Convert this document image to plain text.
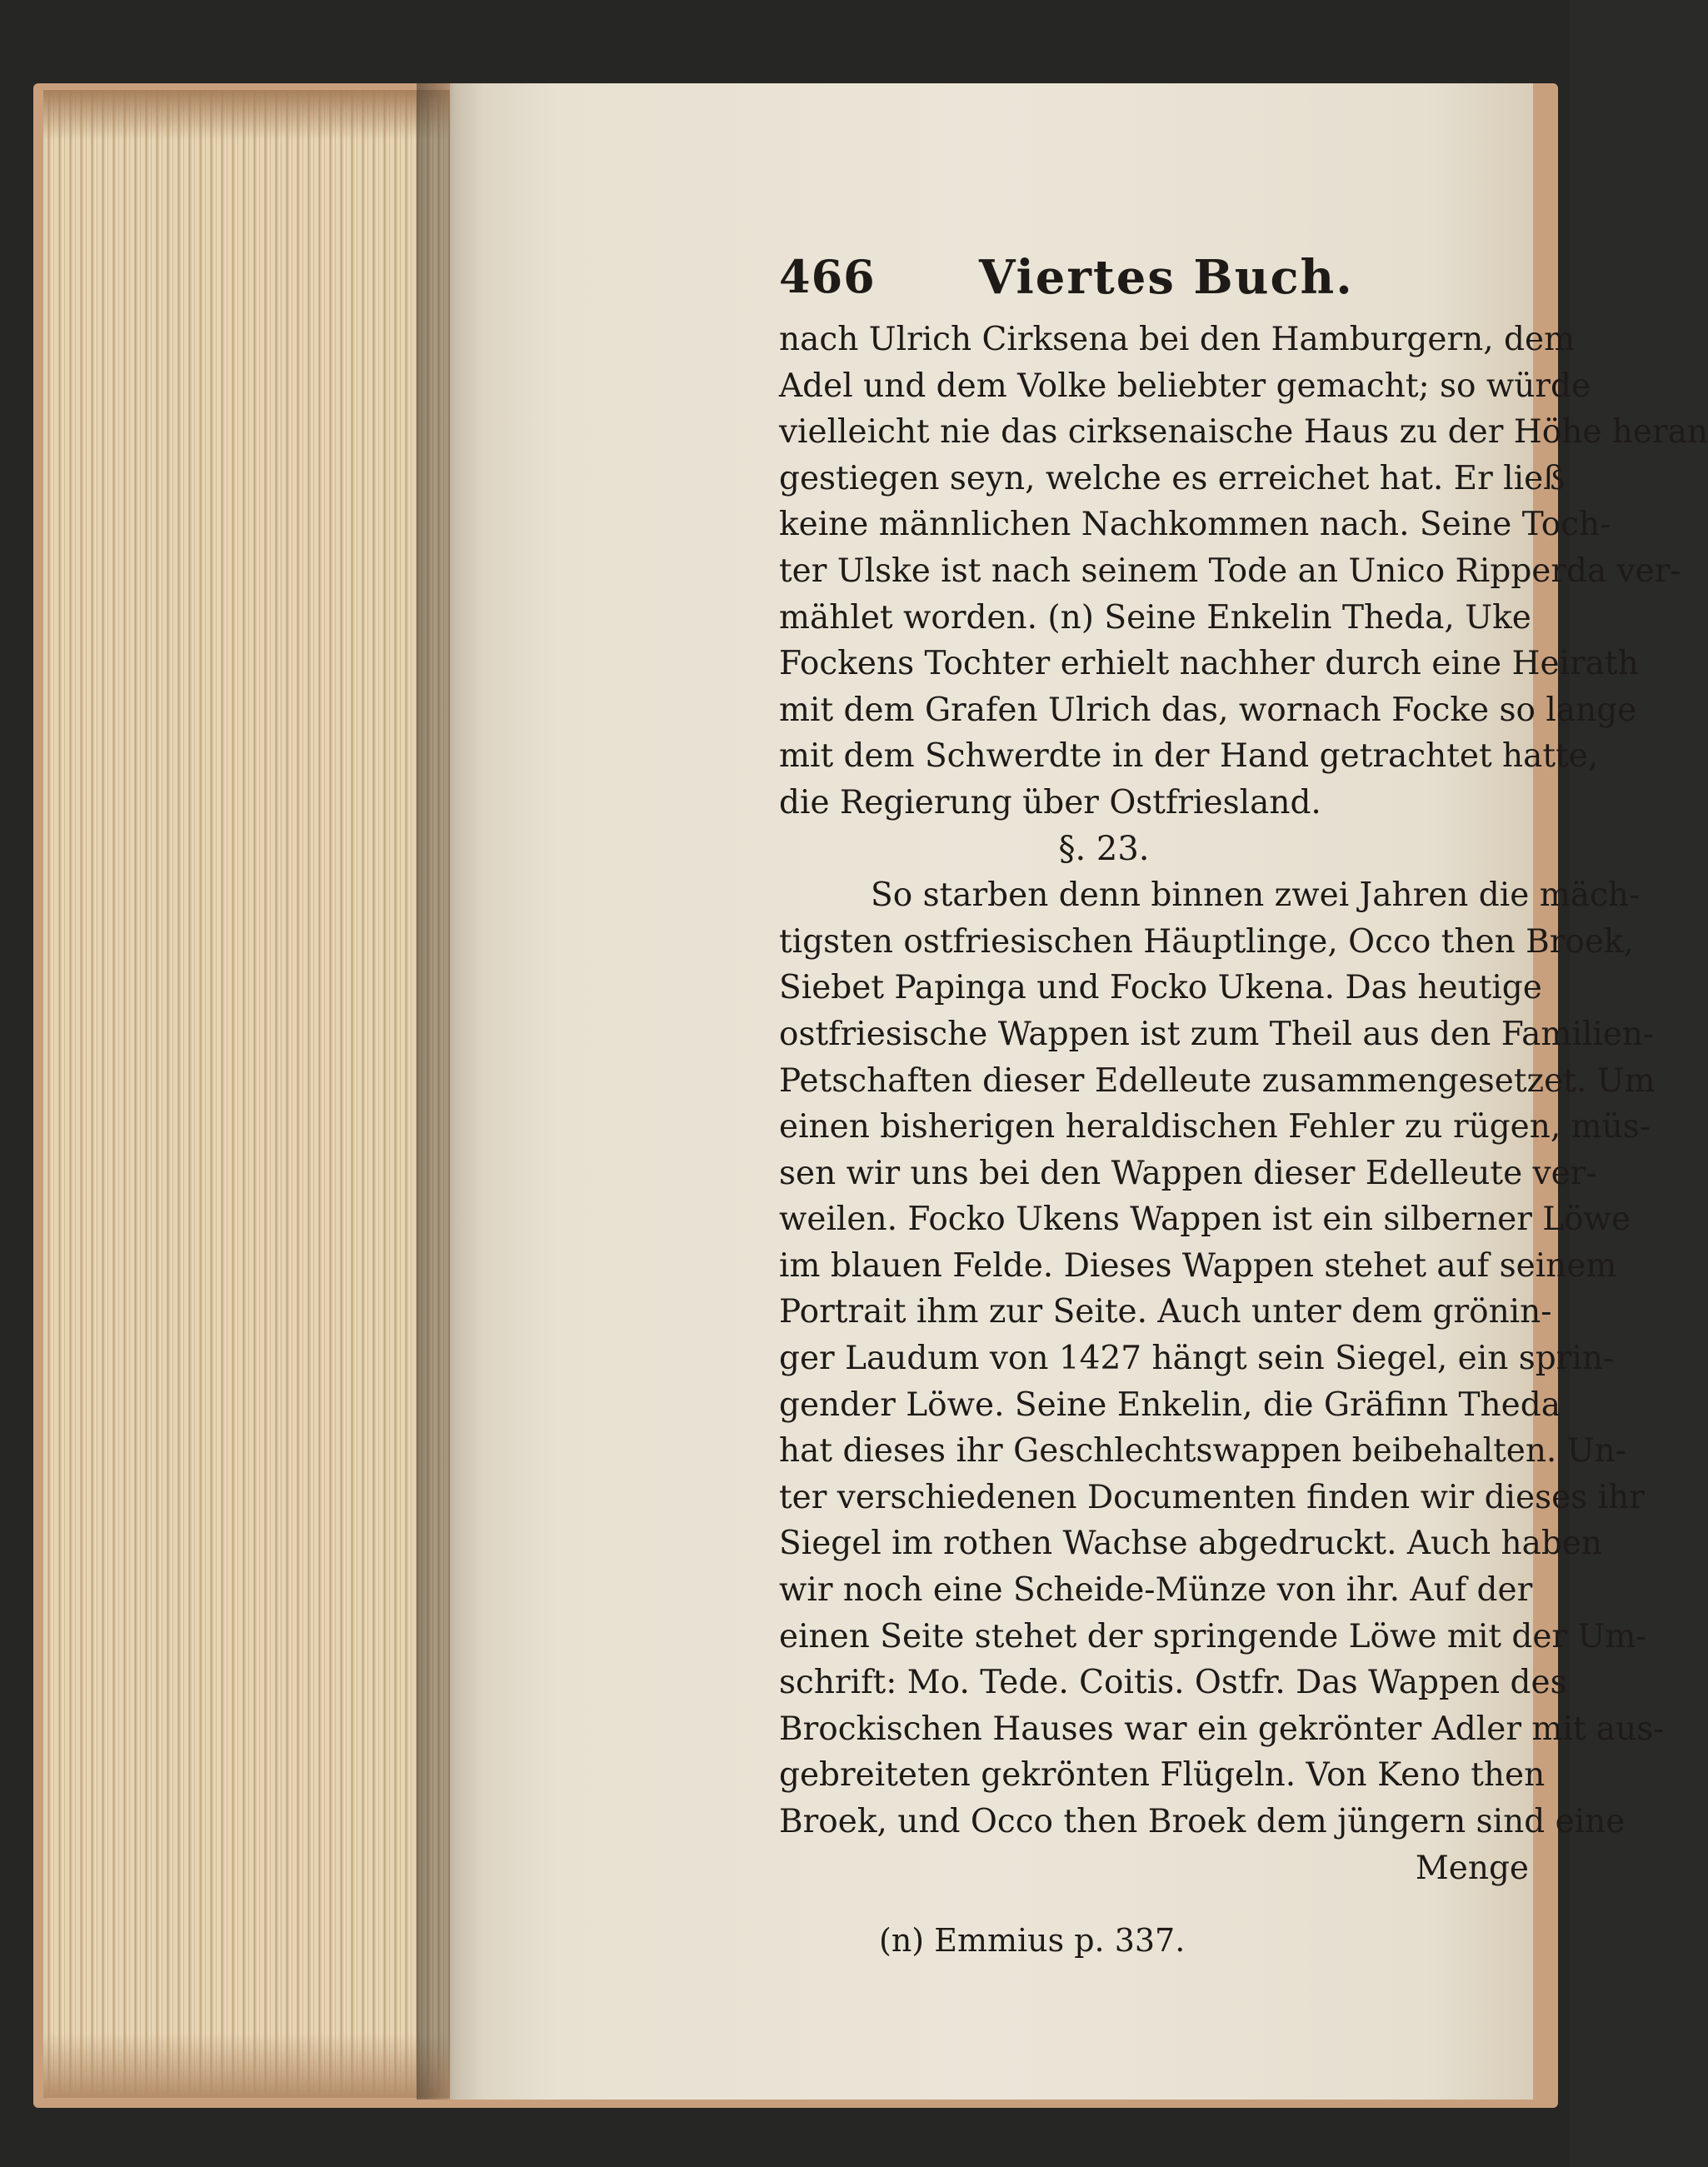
466 Viertes Buch.
nach Ulrich Cirksena bei den Hamburgern, dem
Adel und dem Volke beliebter gemacht; so würde
vielleicht nie das cirksenaische Haus zu der Höhe heran
gestiegen seyn, welche es erreichet hat. Er ließ
keine männlichen Nachkommen nach. Seine Toch-
ter Ulske ist nach seinem Tode an Unico Ripperda ver-
mählet worden. (n) Seine Enkelin Theda, Uke
Fockens Tochter erhielt nachher durch eine Heirath
mit dem Grafen Ulrich das, wornach Focke so lange
mit dem Schwerdte in der Hand getrachtet hatte,
die Regierung über Ostfriesland.
§. 23.
So starben denn binnen zwei Jahren die mäch-
tigsten ostfriesischen Häuptlinge, Occo then Broek,
Siebet Papinga und Focko Ukena. Das heutige
ostfriesische Wappen ist zum Theil aus den Familien-
Petschaften dieser Edelleute zusammengesetzet. Um
einen bisherigen heraldischen Fehler zu rügen, müs-
sen wir uns bei den Wappen dieser Edelleute ver-
weilen. Focko Ukens Wappen ist ein silberner Löwe
im blauen Felde. Dieses Wappen stehet auf seinem
Portrait ihm zur Seite. Auch unter dem grönin-
ger Laudum von 1427 hängt sein Siegel, ein sprin-
gender Löwe. Seine Enkelin, die Gräfinn Theda
hat dieses ihr Geschlechtswappen beibehalten. Un-
ter verschiedenen Documenten finden wir dieses ihr
Siegel im rothen Wachse abgedruckt. Auch haben
wir noch eine Scheide-Münze von ihr. Auf der
einen Seite stehet der springende Löwe mit der Um-
schrift: Mo. Tede. Coitis. Ostfr. Das Wappen des
Brockischen Hauses war ein gekrönter Adler mit aus-
gebreiteten gekrönten Flügeln. Von Keno then
Broek, und Occo then Broek dem jüngern sind eine
Menge
(n) Emmius p. 337.
